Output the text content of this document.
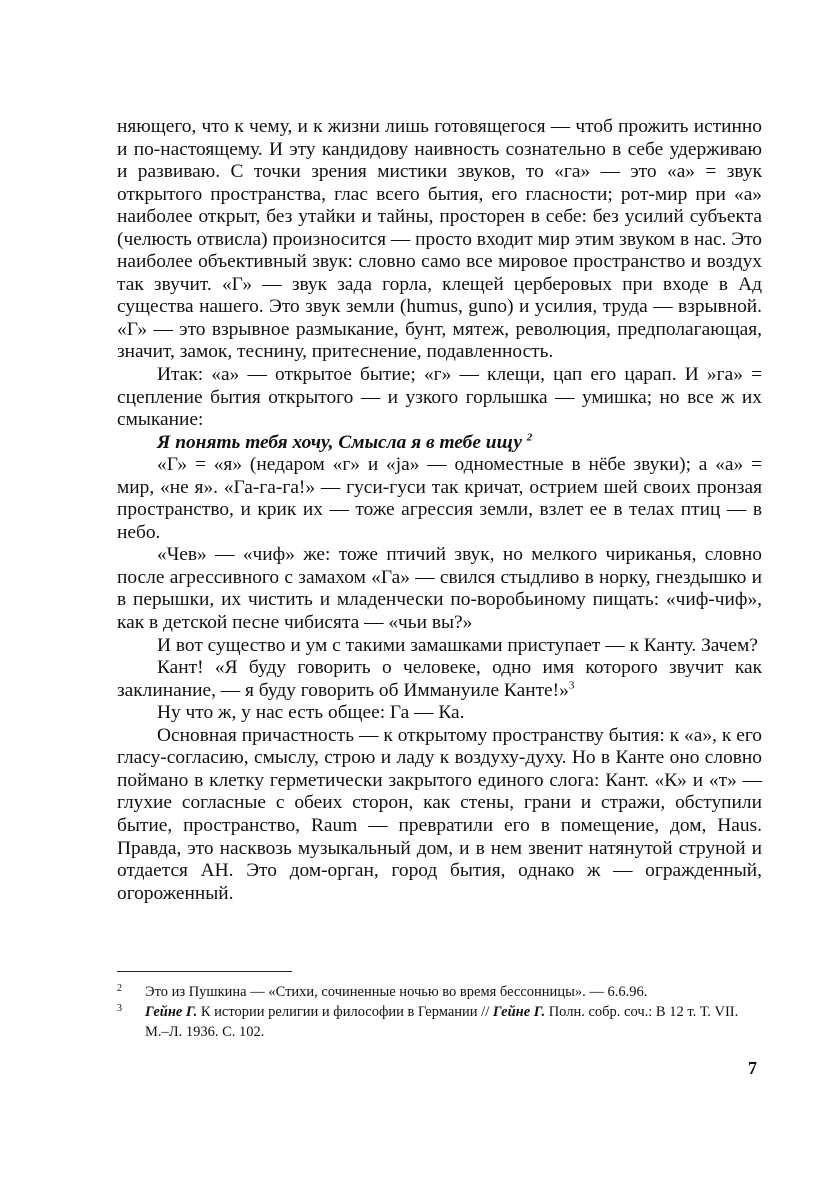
няющего, что к чему, и к жизни лишь готовящегося — чтоб прожить истинно и по-настоящему. И эту кандидову наивность сознательно в себе удерживаю и развиваю. С точки зрения мистики звуков, то «га» — это «а» = звук открытого пространства, глас всего бытия, его гласности; рот-мир при «а» наиболее открыт, без утайки и тайны, просторен в себе: без усилий субъекта (челюсть отвисла) произносится — просто входит мир этим звуком в нас. Это наиболее объективный звук: словно само все мировое пространство и воздух так звучит. «Г» — звук зада горла, клещей церберовых при входе в Ад существа нашего. Это звук земли (humus, guno) и усилия, труда — взрывной. «Г» — это взрывное размыкание, бунт, мятеж, революция, предполагающая, значит, замок, теснину, притеснение, подавленность.

Итак: «а» — открытое бытие; «г» — клещи, цап его царап. И »га» = сцепление бытия открытого — и узкого горлышка — умишка; но все ж их смыкание:

Я понять тебя хочу, Смысла я в тебе ищу $^2$

«Г» = «я» (недаром «г» и «ja» — одноместные в нёбе звуки); а «а» = мир, «не я». «Га-га-га!» — гуси-гуси так кричат, острием шей своих пронзая пространство, и крик их — тоже агрессия земли, взлет ее в телах птиц — в небо.

«Чев» — «чиф» же: тоже птичий звук, но мелкого чириканья, словно после агрессивного с замахом «Га» — свился стыдливо в норку, гнездышко и в перышки, их чистить и младенчески по-воробьиному пищать: «чиф-чиф», как в детской песне чибисята — «чьи вы?»

И вот существо и ум с такими замашками приступает — к Канту. Зачем?

Кант! «Я буду говорить о человеке, одно имя которого звучит как заклинание, — я буду говорить об Иммануиле Канте!»$^3$

Ну что ж, у нас есть общее: Га — Ка.

Основная причастность — к открытому пространству бытия: к «а», к его гласу-согласию, смыслу, строю и ладу к воздуху-духу. Но в Канте оно словно поймано в клетку герметически закрытого единого слога: Кант. «К» и «т» — глухие согласные с обеих сторон, как стены, грани и стражи, обступили бытие, пространство, Raum — превратили его в помещение, дом, Haus. Правда, это насквозь музыкальный дом, и в нем звенит натянутой струной и отдается АН. Это дом-орган, город бытия, однако ж — огражденный, огороженный.

2	Это из Пушкина — «Стихи, сочиненные ночью во время бессонницы». — 6.6.96.
3	Гейне Г. К истории религии и философии в Германии // Гейне Г. Полн. собр. соч.: В 12 т. Т. VII. М.–Л. 1936. С. 102.
7
